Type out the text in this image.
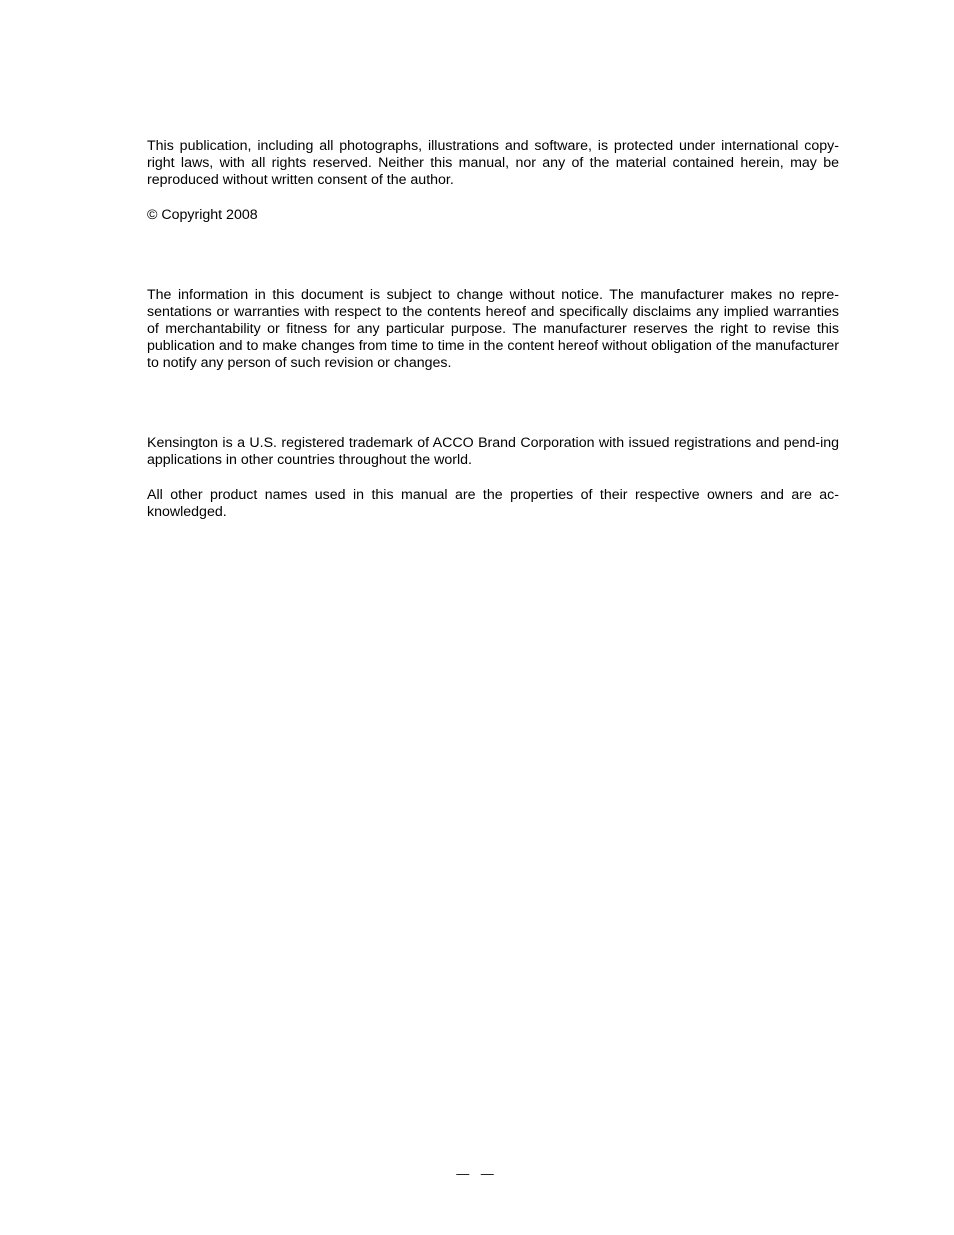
This publication, including all photographs, illustrations and software, is protected under international copy-right laws, with all rights reserved. Neither this manual, nor any of the material contained herein, may be reproduced without written consent of the author.

© Copyright 2008

The information in this document is subject to change without notice. The manufacturer makes no repre-sentations or warranties with respect to the contents hereof and specifically disclaims any implied warranties of merchantability or fitness for any particular purpose. The manufacturer reserves the right to revise this publication and to make changes from time to time in the content hereof without obligation of the manufacturer to notify any person of such revision or changes.

Kensington is a U.S. registered trademark of ACCO Brand Corporation with issued registrations and pend-ing applications in other countries throughout the world.

All other product names used in this manual are the properties of their respective owners and are ac-knowledged.

— —
